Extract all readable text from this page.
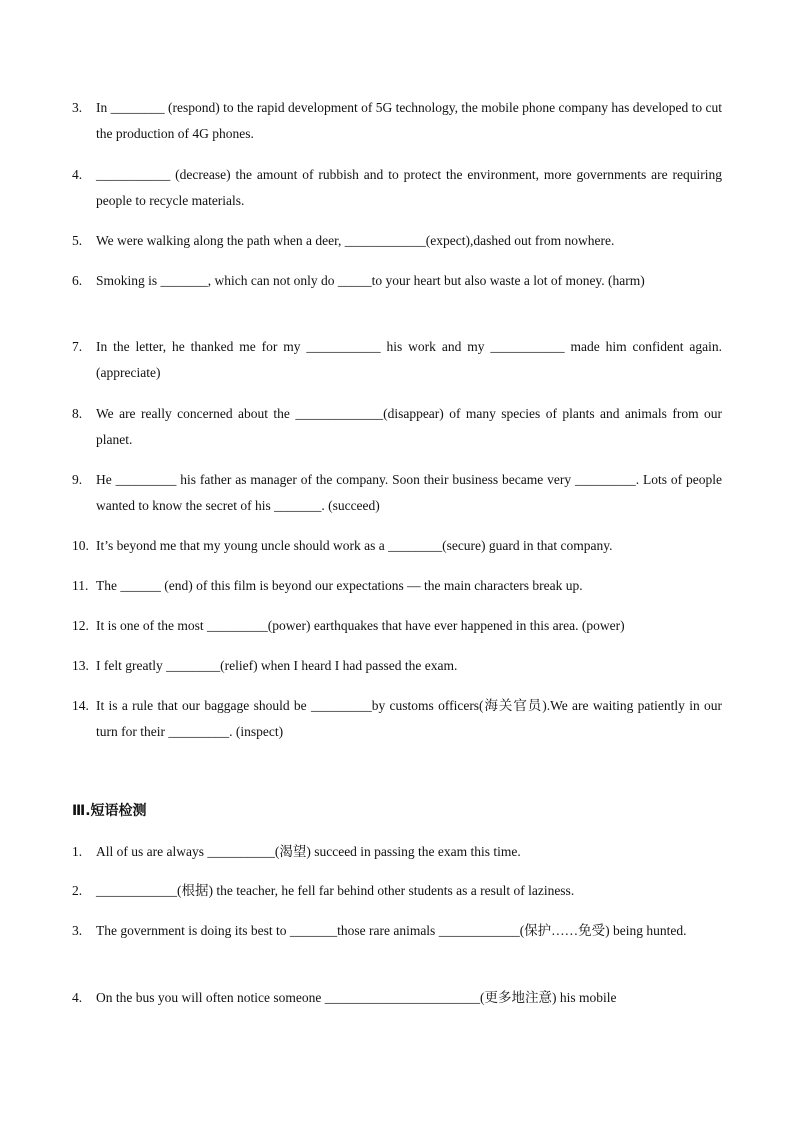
3.	In ________ (respond) to the rapid development of 5G technology, the mobile phone company has developed to cut the production of 4G phones.
4.	___________ (decrease) the amount of rubbish and to protect the environment, more governments are requiring people to recycle materials.
5.	We were walking along the path when a deer, ____________(expect),dashed out from nowhere.
6.	Smoking is _______, which can not only do _____to your heart but also waste a lot of money. (harm)
7.	In the letter, he thanked me for my ___________ his work and my ___________ made him confident again. (appreciate)
8.	We are really concerned about the _____________(disappear) of many species of plants and animals from our planet.
9.	He _________ his father as manager of the company. Soon their business became very _________. Lots of people wanted to know the secret of his _______. (succeed)
10. It’s beyond me that my young uncle should work as a ________(secure) guard in that company.
11. The ______ (end) of this film is beyond our expectations — the main characters break up.
12. It is one of the most _________(power) earthquakes that have ever happened in this area. (power)
13. I felt greatly ________(relief) when I heard I had passed the exam.
14. It is a rule that our baggage should be _________by customs officers(海关官员).We are waiting patiently in our turn for their _________. (inspect)
Ⅲ.短语检测
1.	All of us are always __________(渴望) succeed in passing the exam this time.
2.	____________(根据) the teacher, he fell far behind other students as a result of laziness.
3.	The government is doing its best to _______those rare animals ____________(保护……免受) being hunted.
4.	On the bus you will often notice someone _______________________(更多地注意) his mobile
